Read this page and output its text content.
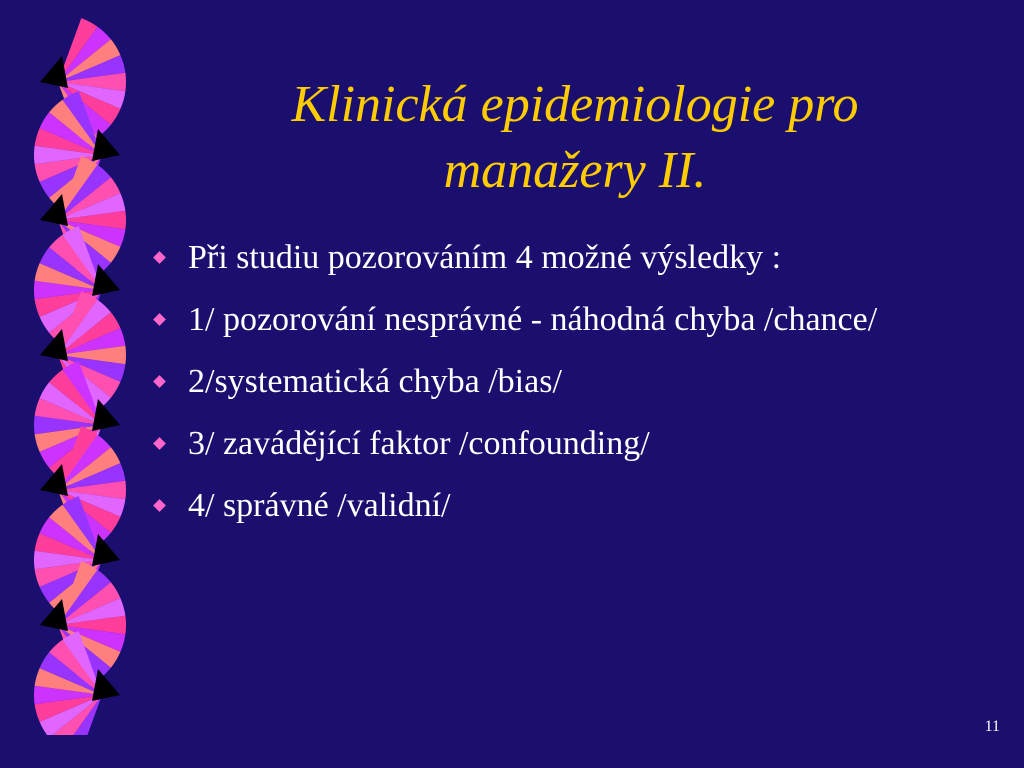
Klinická epidemiologie pro
manažery II.
Při studiu pozorováním 4 možné výsledky :
1/ pozorování nesprávné - náhodná chyba /chance/
2/systematická chyba /bias/
3/ zavádějící faktor /confounding/
4/ správné /validní/
11
